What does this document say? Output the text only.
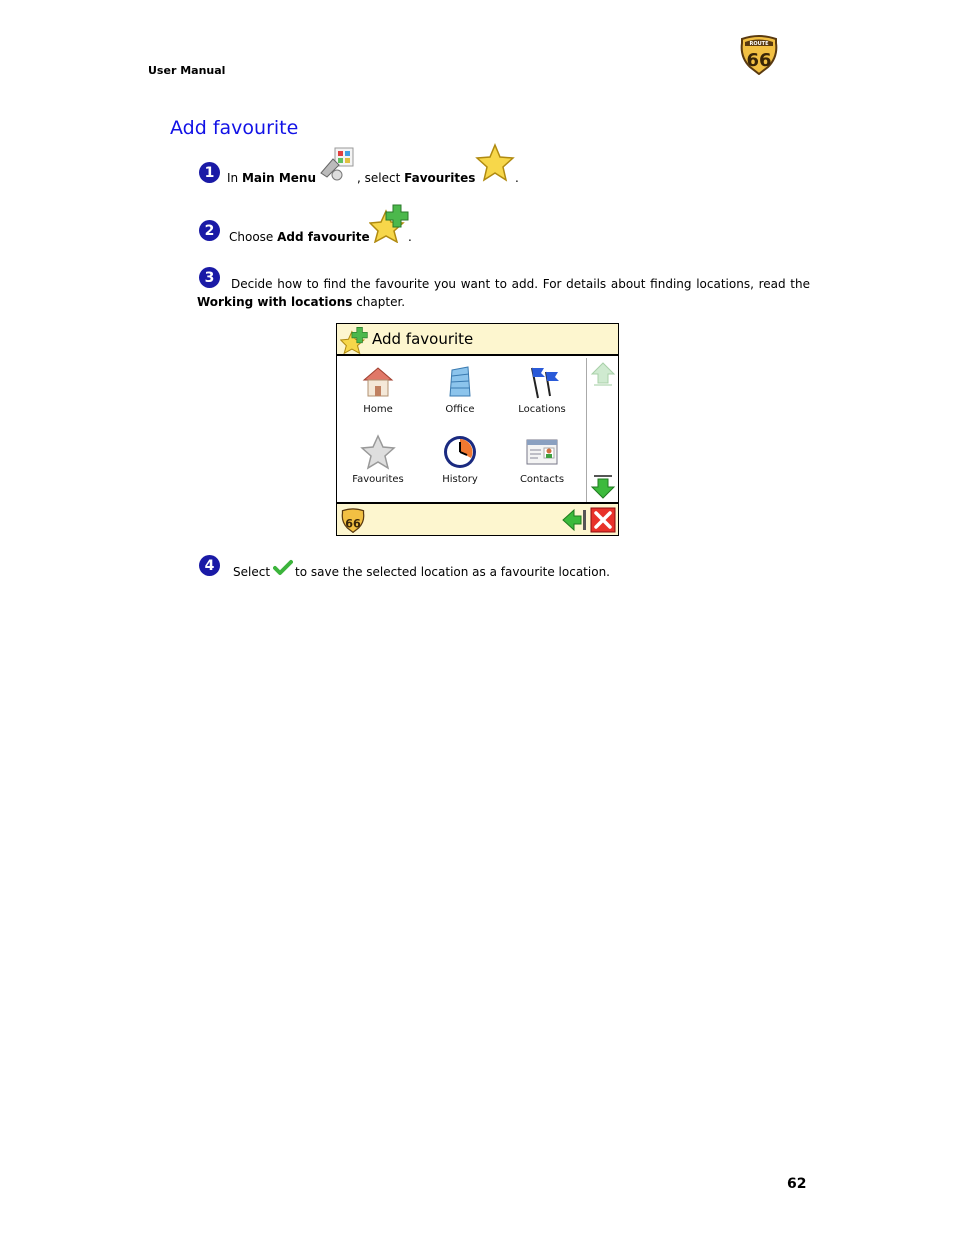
User Manual
ROUTE
66
Add favourite
1	In Main Menu	, select Favourites	.
2	Choose Add favourite	.
3	Decide how to find the favourite you want to add. For details about finding locations, read the Working with locations chapter.
Add favourite
Home	Office	Locations
Favourites	History	Contacts
66
4	Select to save the selected location as a favourite location.
62
